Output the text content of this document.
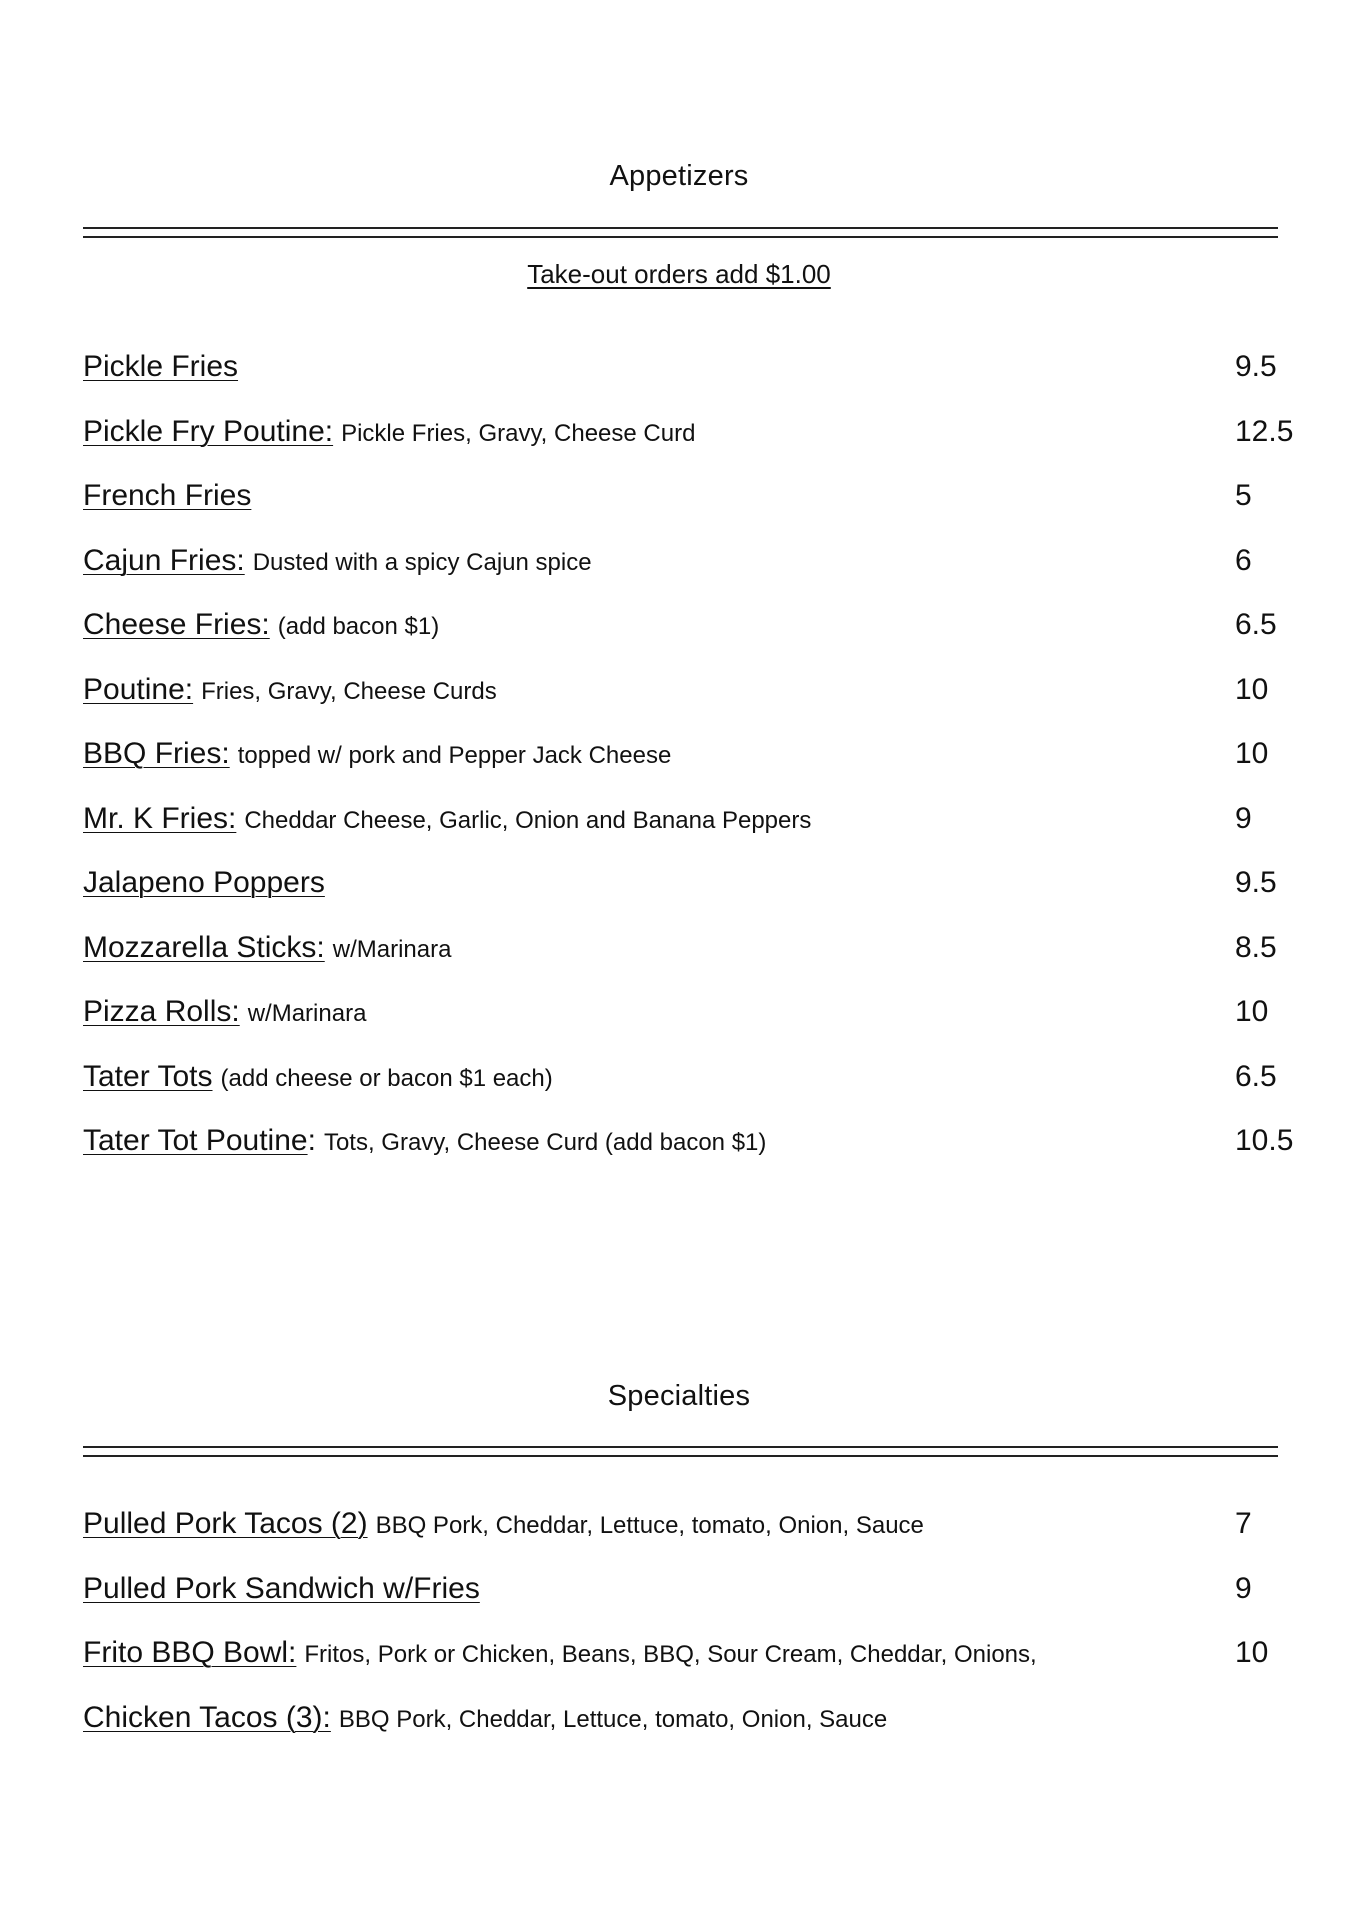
Appetizers
Take-out orders add $1.00
Pickle Fries	9.5
Pickle Fry Poutine: Pickle Fries, Gravy, Cheese Curd	12.5
French Fries	5
Cajun Fries: Dusted with a spicy Cajun spice	6
Cheese Fries: (add bacon $1)	6.5
Poutine: Fries, Gravy, Cheese Curds	10
BBQ Fries: topped w/ pork and Pepper Jack Cheese	10
Mr. K Fries: Cheddar Cheese, Garlic, Onion and Banana Peppers	9
Jalapeno Poppers	9.5
Mozzarella Sticks: w/Marinara	8.5
Pizza Rolls: w/Marinara	10
Tater Tots (add cheese or bacon $1 each)	6.5
Tater Tot Poutine : Tots, Gravy, Cheese Curd (add bacon $1)	10.5
Specialties
Pulled Pork Tacos (2) BBQ Pork, Cheddar, Lettuce, tomato, Onion, Sauce	7
Pulled Pork Sandwich w/Fries	9
Frito BBQ Bowl: Fritos, Pork or Chicken, Beans, BBQ, Sour Cream, Cheddar, Onions,	10
Chicken Tacos (3): BBQ Pork, Cheddar, Lettuce, tomato, Onion, Sauce
